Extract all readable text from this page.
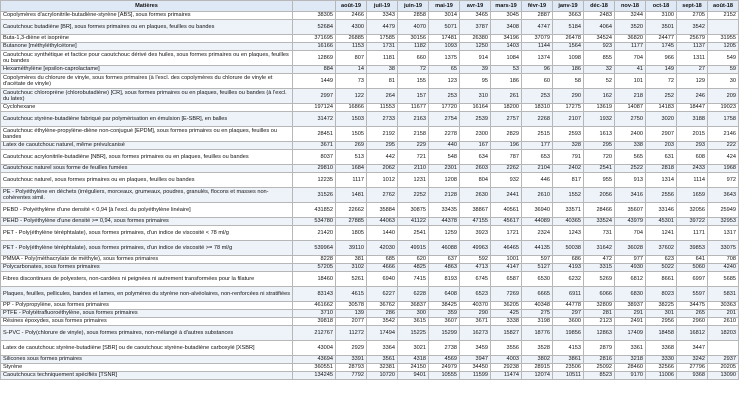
Matières		août-19	juil-19	juin-19	mai-19	avr-19	mars-19	févr-19	janv-19	déc-18	nov-18	oct-18	sept-18	août-18
Copolymères d'acrylonitrile-butadiène-styrène [ABS], sous formes primaires	38305	2466	3343	2858	3014	3465	3045	2887	3663	2483	3244	3100	2705	2152
Caoutchouc butadiène [BR], sous formes primaires ou en plaques, feuilles ou bandes	52684	4300	4479	4070	5071	3787	3408	4747	5184	4064	3520	3501	3542	
Buta-1,3-diène et isoprène	371695	26885	17585	30156	17481	26380	34196	37079	26478	34524	36820	24477	25679	31955
Butanone [méthyléthylcétone]	16166	1153	1731	1182	1093	1250	1403	1144	1564	923	1177	1745	1137	1205
Caoutchouc synthétique et factice pour caoutchouc dérivé des huiles, sous formes primaires ou en plaques, feuilles ou bandes	12869	807	1181	660	1375	914	1084	1374	1098	855	704	966	1311	549
Hexaméthylène [epsilon-caprolactame]	884	14	38	72	65	39	53	96	186	32	41	149	27	59
Copolymères du chlorure de vinyle, sous formes primaires (à l'excl. des copolymères du chlorure de vinyle et d'acétate de vinyle)	1449	73	81	155	123	95	186	60	58	52	101	72	129	30
Caoutchouc chloroprène (chlorobutadiène) [CR], sous formes primaires ou en plaques, feuilles ou bandes (à l'excl. du latex)	2997	122	264	157	253	310	261	253	290	162	218	252	246	209
Cyclohexane	197124	16866	11553	11677	17720	16164	18200	18310	17275	13619	14087	14183	18447	19023
Caoutchouc styrène-butadiène fabriqué par polymérisation en émulsion [E-SBR], en balles	31472	1503	2733	2163	2754	2539	2757	2268	2107	1932	2750	3020	3188	1758
Caoutchouc éthylène-propylène-diène non-conjugué [EPDM], sous formes primaires ou en plaques, feuilles ou bandes	28451	1505	2192	2158	2278	2300	2829	2515	2593	1613	2400	2907	2015	2146
Latex de caoutchouc naturel, même prévulcanisé	3671	269	295	229	440	167	196	177	328	295	338	203	293	222
Caoutchouc acrylonitrile-butadiène [NBR], sous formes primaires ou en plaques, feuilles ou bandes	8037	513	442	721	548	634	787	653	791	720	565	631	608	424
Caoutchouc naturel sous forme de feuilles fumées	29810	1684	2062	2110	2301	2603	2262	2104	2402	2541	2522	2818	2433	1968
Caoutchouc naturel, sous formes primaires ou en plaques, feuilles ou bandes	12235	1117	1012	1231	1208	804	932	446	817	955	913	1314	1114	972
PE - Polyéthylène en déchets (irréguliers, morceaux, grumeaux, poudres, granulés, flocons et masses non-cohérentes simil.	31526	1481	2762	2252	2128	2630	2441	2610	1552	2056	3416	2556	1659	3643
PEBD - Polyéthylène d'une densité < 0,94 [à l'excl. du polyéthylène linéaire]	431852	22662	35884	30875	33435	38867	40561	36940	33571	28466	35607	33146	32056	25949
PEHD - Polyéthylène d'une densité >= 0,94, sous formes primaires	534780	27885	44063	41122	44378	47155	45617	44089	40365	33524	43979	45301	39722	32953
PET - Poly(éthylène téréphtalate), sous formes primaires, d'un indice de viscosité < 78 ml/g	21420	1805	1440	2541	1259	3923	1721	2324	1243	731	704	1241	1171	1317
PET - Poly(éthylène téréphtalate), sous formes primaires, d'un indice de viscosité >= 78 ml/g	539964	39110	42030	49915	46088	49963	46465	44135	50038	31642	36028	37602	39853	33075
PMMA - Poly(méthacrylate de méthyle), sous formes primaires	8228	381	685	620	637	592	1001	597	686	472	977	623	641	708
Polycarbonates, sous formes primaires	57205	3102	4666	4825	4863	4713	4147	5127	4193	3315	4930	5022	5060	4240
Fibres discontinues de polyesters, non-cardées ni peignées ni autrement transformées pour la filature	18460	5261	6940	7415	8193	6745	6587	6530	6232	5269	6812	8661	6997	5685
Plaques, feuilles, pellicules, bandes et lames, en polymères du styrène non-alvéolaires, non-renforcées ni stratifiées	83143	4615	6227	6228	6408	6523	7269	6665	6911	6066	6830	8023	5597	5831
PP - Polypropylène, sous formes primaires	461662	30578	36762	36837	38425	40370	36205	40348	44778	32809	38937	38225	34475	30363
PTFE - Polytétrafluoroéthylène, sous formes primaires	3710	139	286	300	359	290	425	275	297	281	291	301	265	201
Résines époxydes, sous formes primaires	39818	2077	3542	3615	3607	3671	3338	3198	3600	2123	2491	2956	2960	2610
S-PVC - Poly(chlorure de vinyle), sous formes primaires, non-mélangé à d'autres substances	212767	11272	17494	15225	15299	16273	15827	18776	19856	12863	17409	18458	16812	18203
Latex de caoutchouc styrène-butadiène [SBR] ou de caoutchouc styrène-butadiène carboxylé [XSBR]	43004	2929	3364	3021	2738	3459	3556	3528	4153	2879	3361	3368	3447	
Silicones sous formes primaires	43694	3391	3561	4318	4569	3947	4003	3802	3861	2816	3218	3330	3242	2937
Styrène	360551	28793	32381	24150	24979	34450	29238	28915	23506	25092	28460	32566	27796	20205
Caoutchoucs techniquement spécifiés [TSNR]	134245	7792	10720	9401	10555	11599	11474	12074	10511	8523	9170	11006	9368	13090
